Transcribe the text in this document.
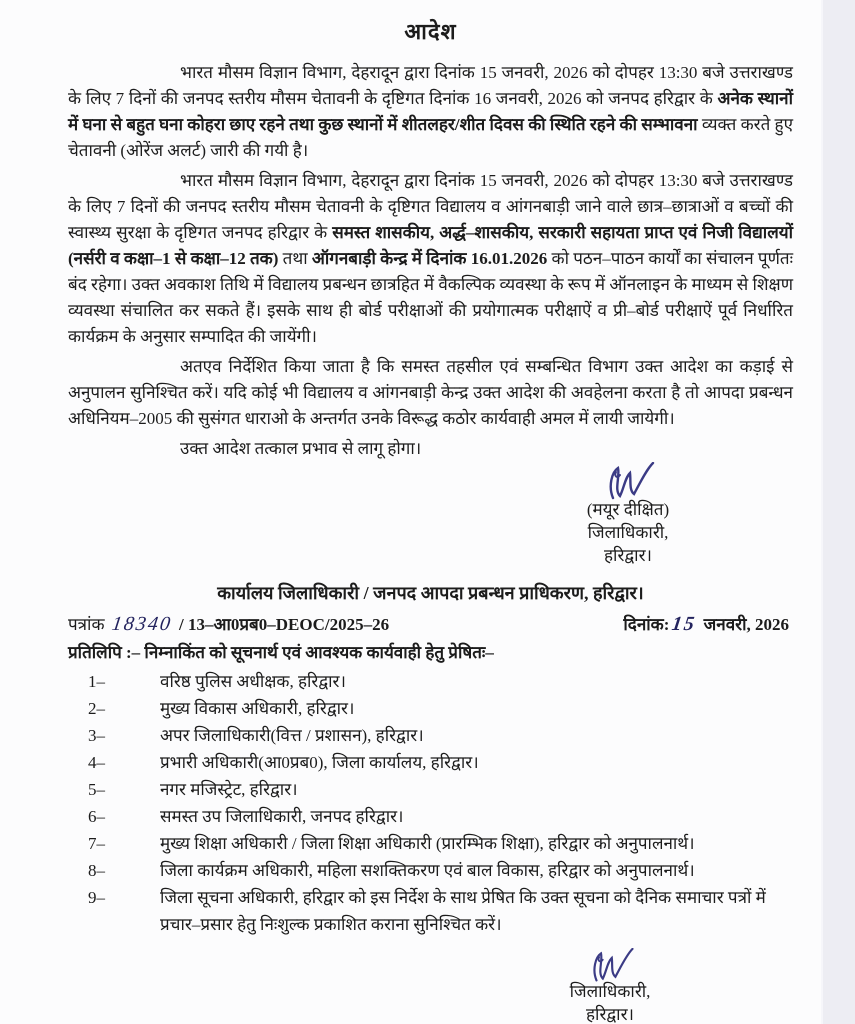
आदेश

भारत मौसम विज्ञान विभाग, देहरादून द्वारा दिनांक 15 जनवरी, 2026 को दोपहर 13:30 बजे उत्तराखण्ड के लिए 7 दिनों की जनपद स्तरीय मौसम चेतावनी के दृष्टिगत दिनांक 16 जनवरी, 2026 को जनपद हरिद्वार के अनेक स्थानों में घना से बहुत घना कोहरा छाए रहने तथा कुछ स्थानों में शीतलहर/शीत दिवस की स्थिति रहने की सम्भावना व्यक्त करते हुए चेतावनी (ओरेंज अलर्ट) जारी की गयी है।

भारत मौसम विज्ञान विभाग, देहरादून द्वारा दिनांक 15 जनवरी, 2026 को दोपहर 13:30 बजे उत्तराखण्ड के लिए 7 दिनों की जनपद स्तरीय मौसम चेतावनी के दृष्टिगत विद्यालय व आंगनबाड़ी जाने वाले छात्र–छात्राओं व बच्चों की स्वास्थ्य सुरक्षा के दृष्टिगत जनपद हरिद्वार के समस्त शासकीय, अर्द्ध–शासकीय, सरकारी सहायता प्राप्त एवं निजी विद्यालयों (नर्सरी व कक्षा–1 से कक्षा–12 तक) तथा ऑगनबाड़ी केन्द्र में दिनांक 16.01.2026 को पठन–पाठन कार्यों का संचालन पूर्णतः बंद रहेगा। उक्त अवकाश तिथि में विद्यालय प्रबन्धन छात्रहित में वैकल्पिक व्यवस्था के रूप में ऑनलाइन के माध्यम से शिक्षण व्यवस्था संचालित कर सकते हैं। इसके साथ ही बोर्ड परीक्षाओं की प्रयोगात्मक परीक्षाऐं व प्री–बोर्ड परीक्षाऐं पूर्व निर्धारित कार्यक्रम के अनुसार सम्पादित की जायेंगी।

अतएव निर्देशित किया जाता है कि समस्त तहसील एवं सम्बन्धित विभाग उक्त आदेश का कड़ाई से अनुपालन सुनिश्चित करें। यदि कोई भी विद्यालय व आंगनबाड़ी केन्द्र उक्त आदेश की अवहेलना करता है तो आपदा प्रबन्धन अधिनियम–2005 की सुसंगत धाराओ के अन्तर्गत उनके विरूद्ध कठोर कार्यवाही अमल में लायी जायेगी।

उक्त आदेश तत्काल प्रभाव से लागू होगा।

(मयूर दीक्षित)
जिलाधिकारी,
हरिद्वार।
कार्यालय जिलाधिकारी / जनपद आपदा प्रबन्धन प्राधिकरण, हरिद्वार।
पत्रांक 18340 / 13–आ0प्रब0–DEOC/2025–26	दिनांक:15 जनवरी, 2026
प्रतिलिपि :– निम्नाकिंत को सूचनार्थ एवं आवश्यक कार्यवाही हेतु प्रेषितः–
1–	वरिष्ठ पुलिस अधीक्षक, हरिद्वार।
2–	मुख्य विकास अधिकारी, हरिद्वार।
3–	अपर जिलाधिकारी(वित्त / प्रशासन), हरिद्वार।
4–	प्रभारी अधिकारी(आ0प्रब0), जिला कार्यालय, हरिद्वार।
5–	नगर मजिस्ट्रेट, हरिद्वार।
6–	समस्त उप जिलाधिकारी, जनपद हरिद्वार।
7–	मुख्य शिक्षा अधिकारी / जिला शिक्षा अधिकारी (प्रारम्भिक शिक्षा), हरिद्वार को अनुपालनार्थ।
8–	जिला कार्यक्रम अधिकारी, महिला सशक्तिकरण एवं बाल विकास, हरिद्वार को अनुपालनार्थ।
9–	जिला सूचना अधिकारी, हरिद्वार को इस निर्देश के साथ प्रेषित कि उक्त सूचना को दैनिक समाचार पत्रों में प्रचार–प्रसार हेतु निःशुल्क प्रकाशित कराना सुनिश्चित करें।
जिलाधिकारी,
हरिद्वार।
